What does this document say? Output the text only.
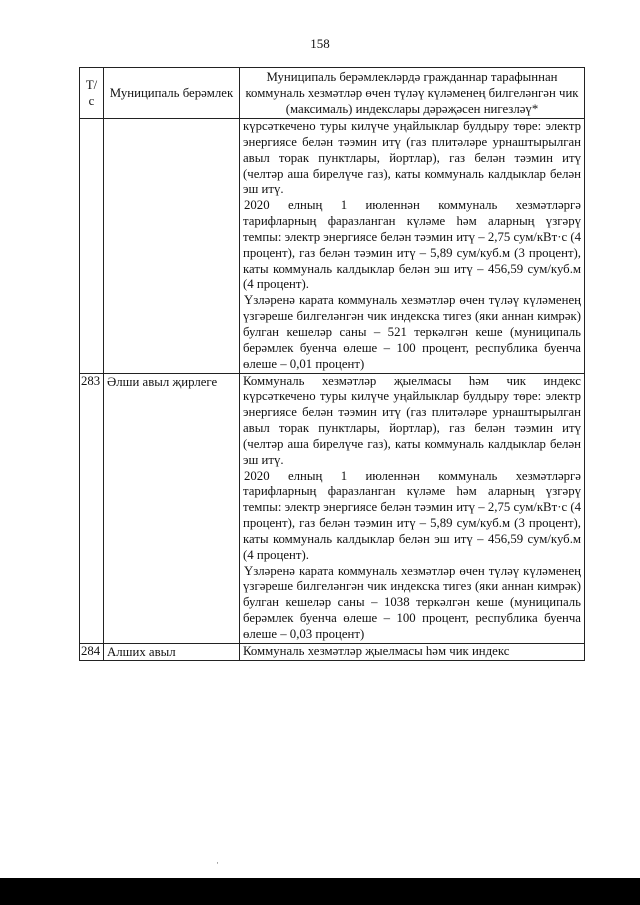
158
Т/с	Муниципаль берәмлек	Муниципаль берәмлекләрдә гражданнар тарафыннан коммуналь хезмәтләр өчен түләү күләменең билгеләнгән чик (максималь) индекслары дәрәҗәсен нигезләү*

		күрсәткечено туры килүче уңайлыклар булдыру төре: электр энергиясе белән тәэмин итү (газ плитәләре урнаштырылган авыл торак пунктлары, йортлар), газ белән тәэмин итү (челтәр аша бирелүче газ), каты коммуналь калдыклар белән эш итү.

2020 елның 1 июленнән коммуналь хезмәтләргә тарифларның фаразланган күләме һәм аларның үзгәрү темпы: электр энергиясе белән тәэмин итү – 2,75 сум/кВт·с (4 процент), газ белән тәэмин итү – 5,89 сум/куб.м (3 процент), каты коммуналь калдыклар белән эш итү – 456,59 сум/куб.м (4 процент).

Үзләренә карата коммуналь хезмәтләр өчен түләү күләменең үзгәреше билгеләнгән чик индекска тигез (яки аннан кимрәк) булган кешеләр саны – 521 теркәлгән кеше (муниципаль берәмлек буенча өлеше – 100 процент, республика буенча өлеше – 0,01 процент)

283	Әлши авыл җирлеге	Коммуналь хезмәтләр җыелмасы һәм чик индекс күрсәткечено туры килүче уңайлыклар булдыру төре: электр энергиясе белән тәэмин итү (газ плитәләре урнаштырылган авыл торак пунктлары, йортлар), газ белән тәэмин итү (челтәр аша бирелүче газ), каты коммуналь калдыклар белән эш итү.

2020 елның 1 июленнән коммуналь хезмәтләргә тарифларның фаразланган күләме һәм аларның үзгәрү темпы: электр энергиясе белән тәэмин итү – 2,75 сум/кВт·с (4 процент), газ белән тәэмин итү – 5,89 сум/куб.м (3 процент), каты коммуналь калдыклар белән эш итү – 456,59 сум/куб.м (4 процент).

Үзләренә карата коммуналь хезмәтләр өчен түләү күләменең үзгәреше билгеләнгән чик индекска тигез (яки аннан кимрәк) булган кешеләр саны – 1038 теркәлгән кеше (муниципаль берәмлек буенча өлеше – 100 процент, республика буенча өлеше – 0,03 процент)

284	Алших авыл	Коммуналь хезмәтләр җыелмасы һәм чик индекс

·
